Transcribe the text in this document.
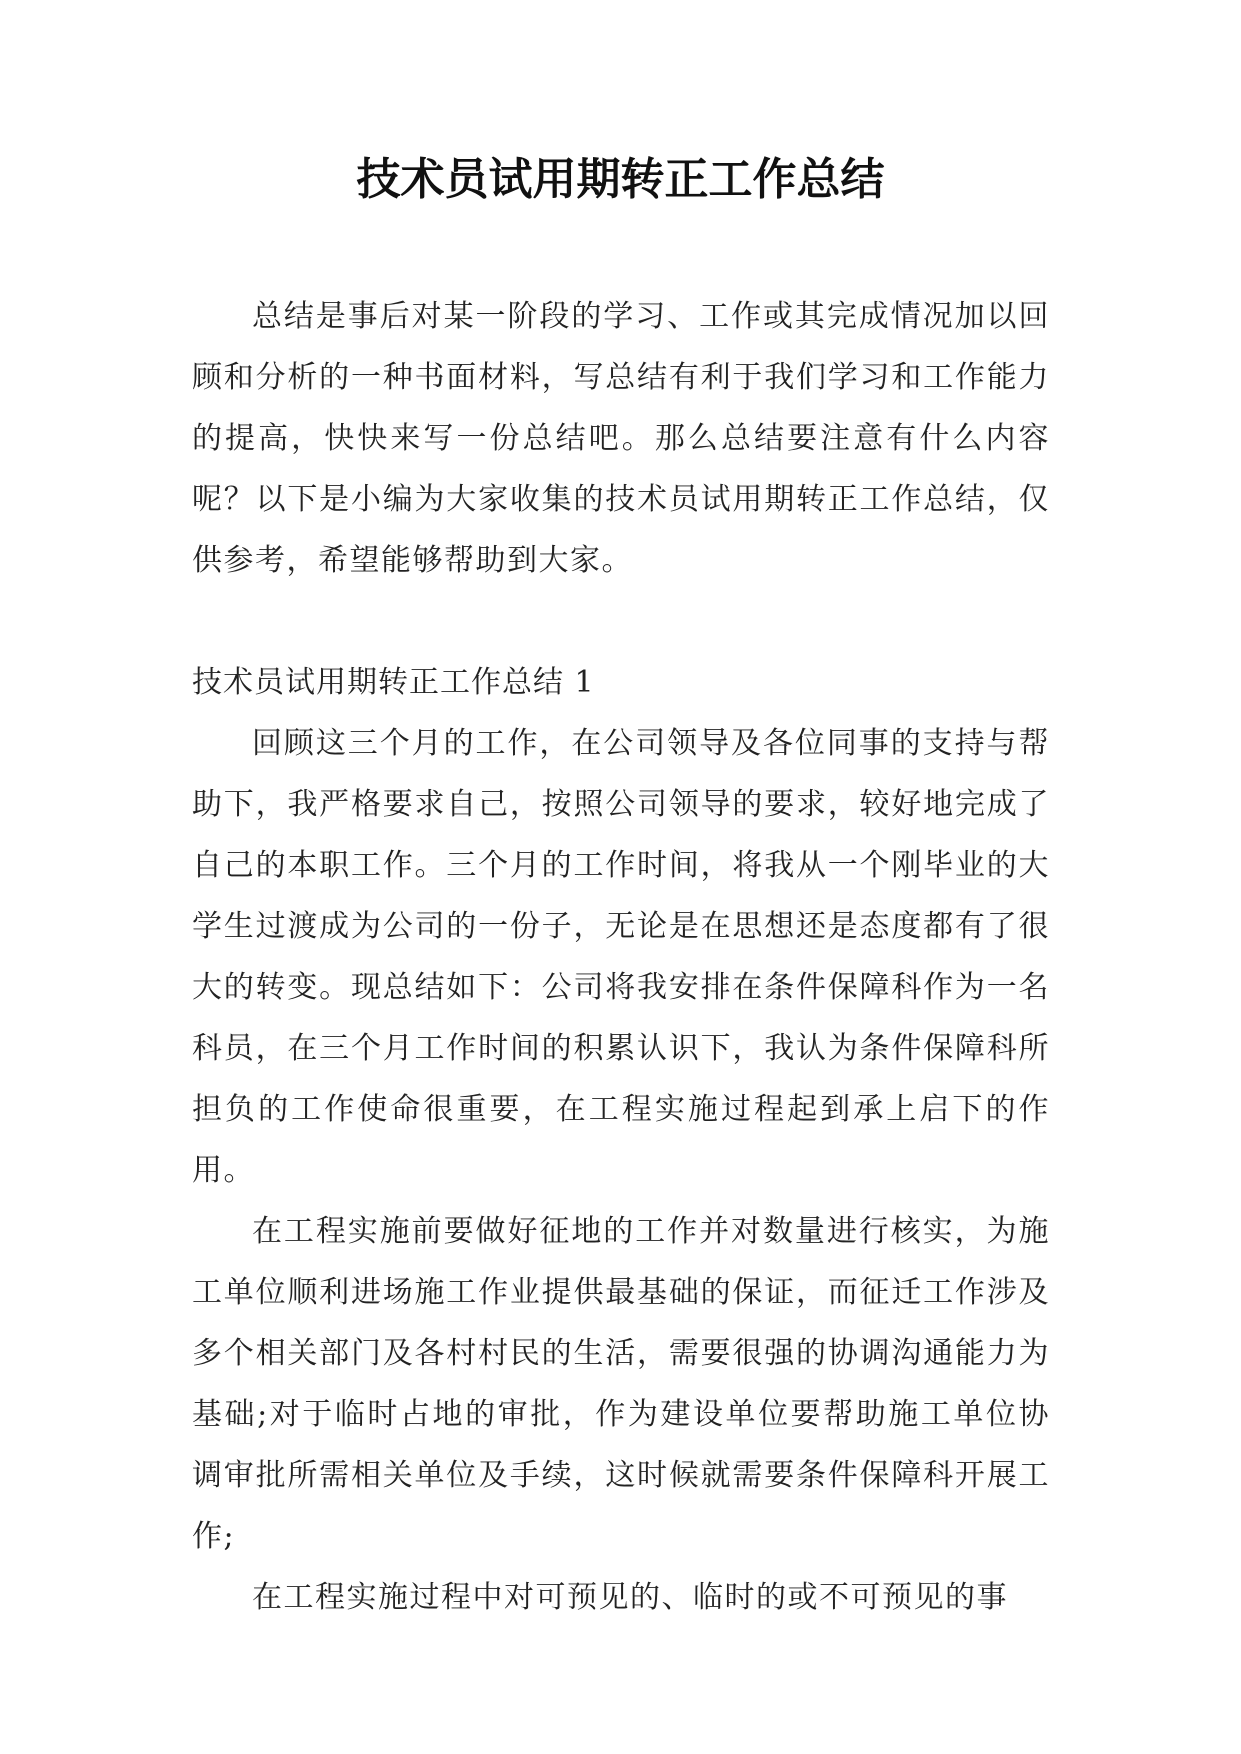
技术员试用期转正工作总结

总结是事后对某一阶段的学习、工作或其完成情况加以回顾和分析的一种书面材料，写总结有利于我们学习和工作能力的提高，快快来写一份总结吧。那么总结要注意有什么内容呢？以下是小编为大家收集的技术员试用期转正工作总结，仅供参考，希望能够帮助到大家。

技术员试用期转正工作总结 1

回顾这三个月的工作，在公司领导及各位同事的支持与帮助下，我严格要求自己，按照公司领导的要求，较好地完成了自己的本职工作。三个月的工作时间，将我从一个刚毕业的大学生过渡成为公司的一份子，无论是在思想还是态度都有了很大的转变。现总结如下：公司将我安排在条件保障科作为一名科员，在三个月工作时间的积累认识下，我认为条件保障科所担负的工作使命很重要，在工程实施过程起到承上启下的作用。

在工程实施前要做好征地的工作并对数量进行核实，为施工单位顺利进场施工作业提供最基础的保证，而征迁工作涉及多个相关部门及各村村民的生活，需要很强的协调沟通能力为基础;对于临时占地的审批，作为建设单位要帮助施工单位协调审批所需相关单位及手续，这时候就需要条件保障科开展工作;

在工程实施过程中对可预见的、临时的或不可预见的事
